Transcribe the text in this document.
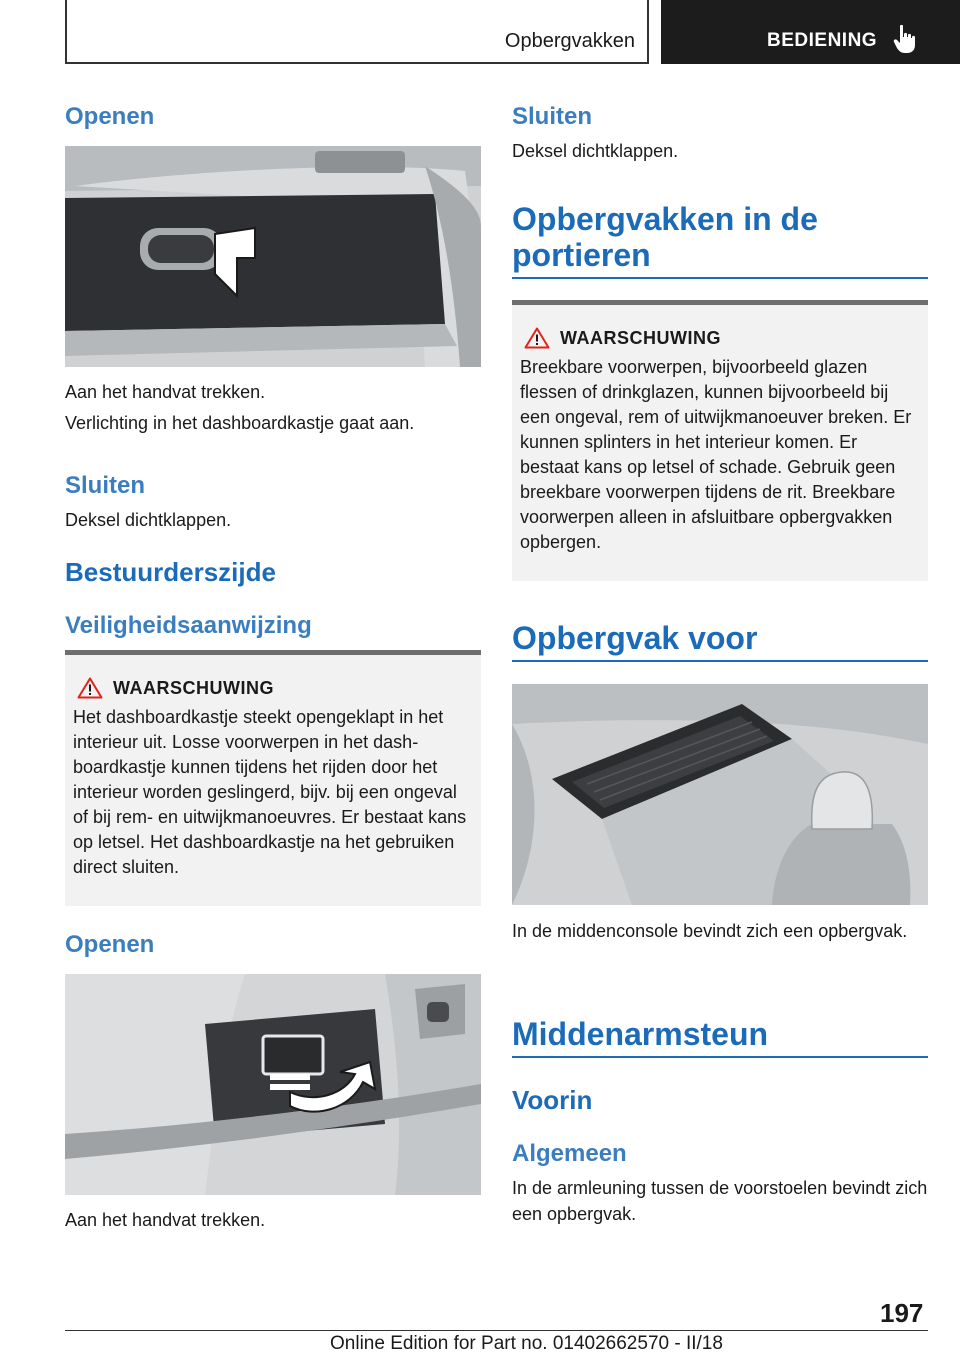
Opbergvakken	BEDIENING
Openen

Aan het handvat trekken.

Verlichting in het dashboardkastje gaat aan.

Sluiten

Deksel dichtklappen.

Bestuurderszijde
Veiligheidsaanwijzing
WAARSCHUWING
Het dashboardkastje steekt opengeklapt in het interieur uit. Losse voorwerpen in het dashboardkastje kunnen tijdens het rijden door het interieur worden geslingerd, bijv. bij een ongeval of bij rem- en uitwijkmanoeuvres. Er bestaat kans op letsel. Het dashboardkastje na het gebruiken direct sluiten.
Openen

Aan het handvat trekken.

Sluiten

Deksel dichtklappen.

Opbergvakken in de portieren
WAARSCHUWING
Breekbare voorwerpen, bijvoorbeeld glazen flessen of drinkglazen, kunnen bijvoorbeeld bij een ongeval, rem of uitwijkmanoeuver breken. Er kunnen splinters in het interieur komen. Er bestaat kans op letsel of schade. Gebruik geen breekbare voorwerpen tijdens de rit. Breekbare voorwerpen alleen in afsluitbare opbergvakken opbergen.
Opbergvak voor

In de middenconsole bevindt zich een opbergvak.

Middenarmsteun
Voorin
Algemeen

In de armleuning tussen de voorstoelen bevindt zich een opbergvak.

197
Online Edition for Part no. 01402662570 - II/18
